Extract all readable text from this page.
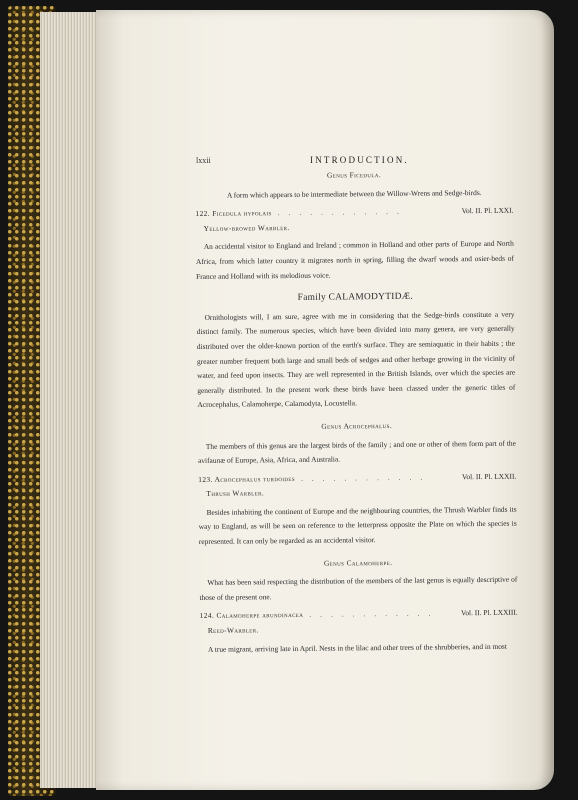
lxxii	INTRODUCTION.
Genus Ficedula.
A form which appears to be intermediate between the Willow-Wrens and Sedge-birds.
122. Ficedula hypolais ............	Vol. II. Pl. LXXI.
Yellow-browed Warbler.
An accidental visitor to England and Ireland ; common in Holland and other parts of Europe and North Africa, from which latter country it migrates north in spring, filling the dwarf woods and osier-beds of France and Holland with its melodious voice.
Family CALAMODYTIDÆ.
Ornithologists will, I am sure, agree with me in considering that the Sedge-birds constitute a very distinct family. The numerous species, which have been divided into many genera, are very generally distributed over the older-known portion of the earth's surface. They are semiaquatic in their habits ; the greater number frequent both large and small beds of sedges and other herbage growing in the vicinity of water, and feed upon insects. They are well represented in the British Islands, over which the species are generally distributed. In the present work these birds have been classed under the generic titles of Acrocephalus, Calamoherpe, Calamodyta, Locustella.
Genus Acrocephalus.
The members of this genus are the largest birds of the family ; and one or other of them form part of the avifaunæ of Europe, Asia, Africa, and Australia.
123. Acrocephalus turdoides ............	Vol. II. Pl. LXXII.
Thrush Warbler.
Besides inhabiting the continent of Europe and the neighbouring countries, the Thrush Warbler finds its way to England, as will be seen on reference to the letterpress opposite the Plate on which the species is represented. It can only be regarded as an accidental visitor.
Genus Calamoherpe.
What has been said respecting the distribution of the members of the last genus is equally descriptive of those of the present one.
124. Calamoherpe arundinacea ............	Vol. II. Pl. LXXIII.
Reed-Warbler.
A true migrant, arriving late in April. Nests in the lilac and other trees of the shrubberies, and in most
